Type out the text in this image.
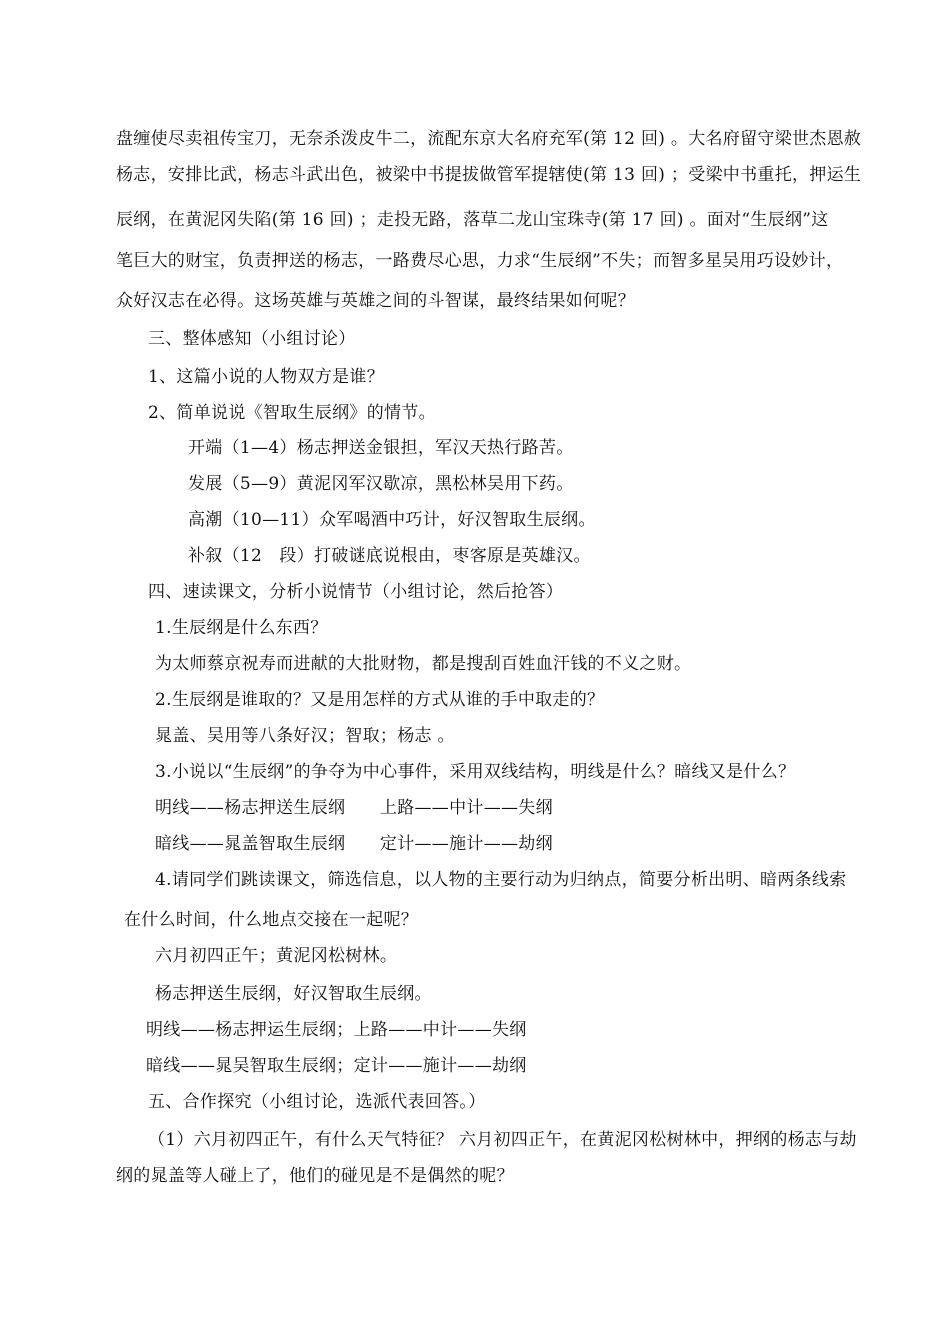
盘缠使尽卖祖传宝刀，无奈杀泼皮牛二，流配东京大名府充军(第 12 回) 。大名府留守梁世杰恩赦
杨志，安排比武，杨志斗武出色，被梁中书提拔做管军提辖使(第 13 回) ；受梁中书重托，押运生
辰纲，在黄泥冈失陷(第 16 回) ；走投无路，落草二龙山宝珠寺(第 17 回) 。面对“生辰纲”这
笔巨大的财宝，负责押送的杨志，一路费尽心思，力求“生辰纲”不失；而智多星吴用巧设妙计，
众好汉志在必得。这场英雄与英雄之间的斗智谋，最终结果如何呢？
三、整体感知（小组讨论）
1、这篇小说的人物双方是谁？
2、简单说说《智取生辰纲》的情节。
开端（1—4）杨志押送金银担，军汉天热行路苦。
发展（5—9）黄泥冈军汉歇凉，黑松林吴用下药。
高潮（10—11）众军喝酒中巧计，好汉智取生辰纲。
补叙（12　段）打破谜底说根由，枣客原是英雄汉。
四、速读课文，分析小说情节（小组讨论，然后抢答）
1.生辰纲是什么东西？
为太师蔡京祝寿而进献的大批财物，都是搜刮百姓血汗钱的不义之财。
2.生辰纲是谁取的？又是用怎样的方式从谁的手中取走的？
晁盖、吴用等八条好汉；智取；杨志 。
3.小说以“生辰纲”的争夺为中心事件，采用双线结构，明线是什么？暗线又是什么？
明线——杨志押送生辰纲　　上路——中计——失纲
暗线——晁盖智取生辰纲　　定计——施计——劫纲
4.请同学们跳读课文，筛选信息，以人物的主要行动为归纳点，简要分析出明、暗两条线索
在什么时间，什么地点交接在一起呢？
六月初四正午；黄泥冈松树林。
杨志押送生辰纲，好汉智取生辰纲。
明线——杨志押运生辰纲；上路——中计——失纲
暗线——晁吴智取生辰纲；定计——施计——劫纲
五、合作探究（小组讨论，选派代表回答。）
（1）六月初四正午，有什么天气特征？ 六月初四正午，在黄泥冈松树林中，押纲的杨志与劫
纲的晁盖等人碰上了，他们的碰见是不是偶然的呢？
